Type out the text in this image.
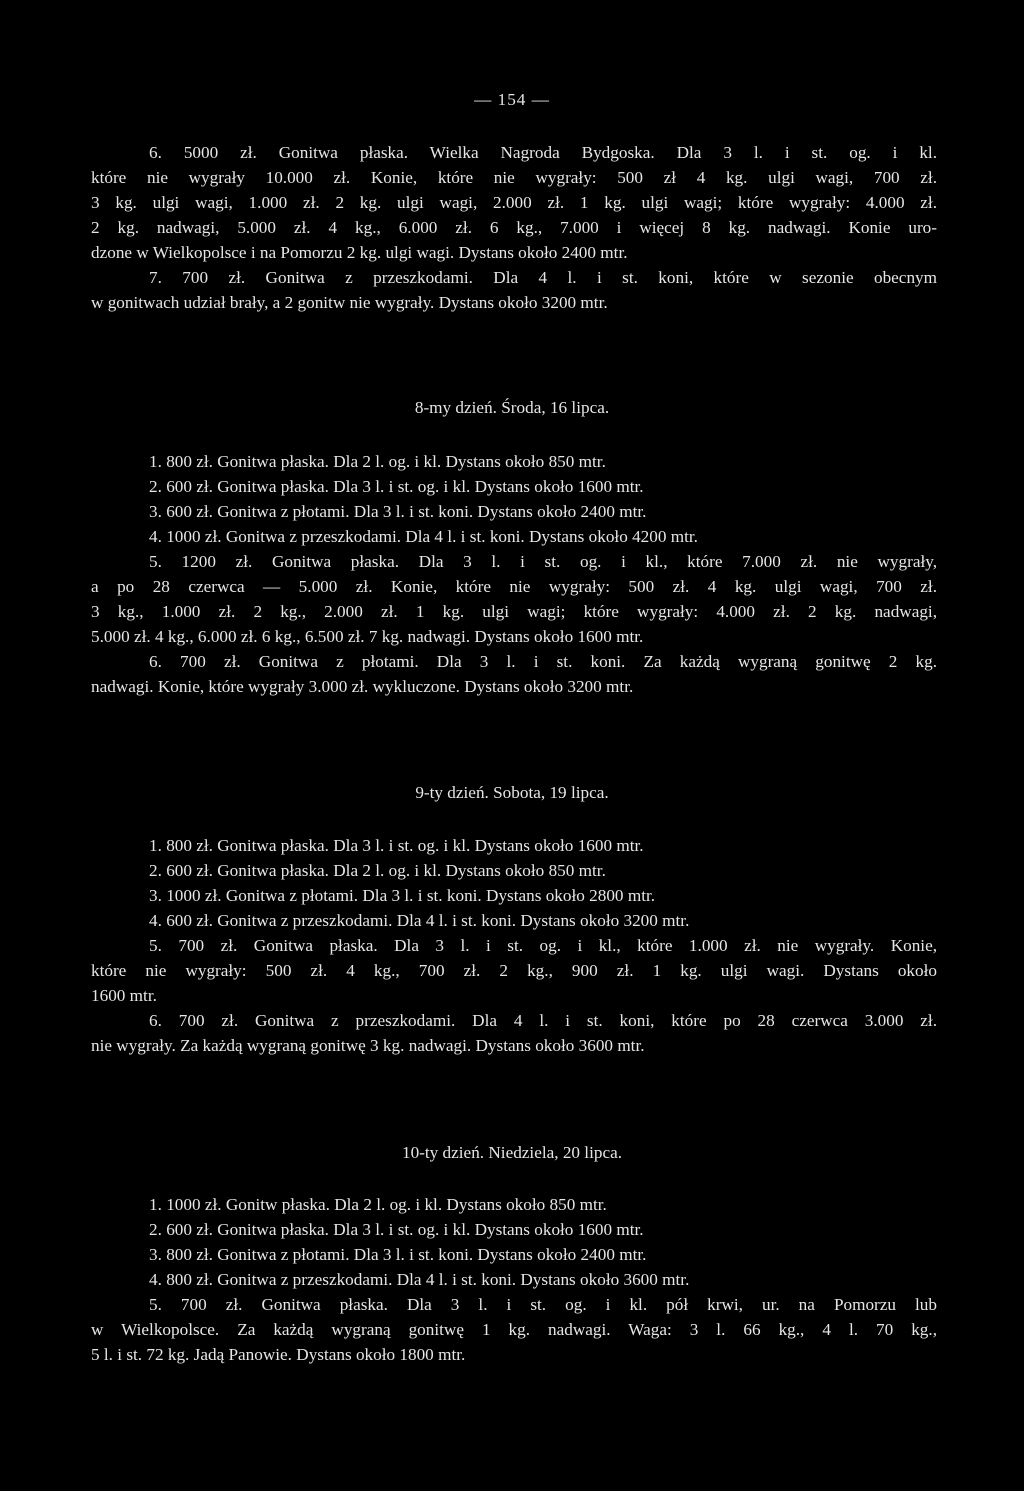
— 154 —
6. 5000 zł. Gonitwa płaska. Wielka Nagroda Bydgoska. Dla 3 l. i st. og. i kl.
które nie wygrały 10.000 zł. Konie, które nie wygrały: 500 zł 4 kg. ulgi wagi, 700 zł.
3 kg. ulgi wagi, 1.000 zł. 2 kg. ulgi wagi, 2.000 zł. 1 kg. ulgi wagi; które wygrały: 4.000 zł.
2 kg. nadwagi, 5.000 zł. 4 kg., 6.000 zł. 6 kg., 7.000 i więcej 8 kg. nadwagi. Konie uro-
dzone w Wielkopolsce i na Pomorzu 2 kg. ulgi wagi. Dystans około 2400 mtr.
7. 700 zł. Gonitwa z przeszkodami. Dla 4 l. i st. koni, które w sezonie obecnym
w gonitwach udział brały, a 2 gonitw nie wygrały. Dystans około 3200 mtr.
8-my dzień. Środa, 16 lipca.
1. 800 zł. Gonitwa płaska. Dla 2 l. og. i kl. Dystans około 850 mtr.
2. 600 zł. Gonitwa płaska. Dla 3 l. i st. og. i kl. Dystans około 1600 mtr.
3. 600 zł. Gonitwa z płotami. Dla 3 l. i st. koni. Dystans około 2400 mtr.
4. 1000 zł. Gonitwa z przeszkodami. Dla 4 l. i st. koni. Dystans około 4200 mtr.
5. 1200 zł. Gonitwa płaska. Dla 3 l. i st. og. i kl., które 7.000 zł. nie wygrały,
a po 28 czerwca — 5.000 zł. Konie, które nie wygrały: 500 zł. 4 kg. ulgi wagi, 700 zł.
3 kg., 1.000 zł. 2 kg., 2.000 zł. 1 kg. ulgi wagi; które wygrały: 4.000 zł. 2 kg. nadwagi,
5.000 zł. 4 kg., 6.000 zł. 6 kg., 6.500 zł. 7 kg. nadwagi. Dystans około 1600 mtr.
6. 700 zł. Gonitwa z płotami. Dla 3 l. i st. koni. Za każdą wygraną gonitwę 2 kg.
nadwagi. Konie, które wygrały 3.000 zł. wykluczone. Dystans około 3200 mtr.
9-ty dzień. Sobota, 19 lipca.
1. 800 zł. Gonitwa płaska. Dla 3 l. i st. og. i kl. Dystans około 1600 mtr.
2. 600 zł. Gonitwa płaska. Dla 2 l. og. i kl. Dystans około 850 mtr.
3. 1000 zł. Gonitwa z płotami. Dla 3 l. i st. koni. Dystans około 2800 mtr.
4. 600 zł. Gonitwa z przeszkodami. Dla 4 l. i st. koni. Dystans około 3200 mtr.
5. 700 zł. Gonitwa płaska. Dla 3 l. i st. og. i kl., które 1.000 zł. nie wygrały. Konie,
które nie wygrały: 500 zł. 4 kg., 700 zł. 2 kg., 900 zł. 1 kg. ulgi wagi. Dystans około
1600 mtr.
6. 700 zł. Gonitwa z przeszkodami. Dla 4 l. i st. koni, które po 28 czerwca 3.000 zł.
nie wygrały. Za każdą wygraną gonitwę 3 kg. nadwagi. Dystans około 3600 mtr.
10-ty dzień. Niedziela, 20 lipca.
1. 1000 zł. Gonitw płaska. Dla 2 l. og. i kl. Dystans około 850 mtr.
2. 600 zł. Gonitwa płaska. Dla 3 l. i st. og. i kl. Dystans około 1600 mtr.
3. 800 zł. Gonitwa z płotami. Dla 3 l. i st. koni. Dystans około 2400 mtr.
4. 800 zł. Gonitwa z przeszkodami. Dla 4 l. i st. koni. Dystans około 3600 mtr.
5. 700 zł. Gonitwa płaska. Dla 3 l. i st. og. i kl. pół krwi, ur. na Pomorzu lub
w Wielkopolsce. Za każdą wygraną gonitwę 1 kg. nadwagi. Waga: 3 l. 66 kg., 4 l. 70 kg.,
5 l. i st. 72 kg. Jadą Panowie. Dystans około 1800 mtr.
